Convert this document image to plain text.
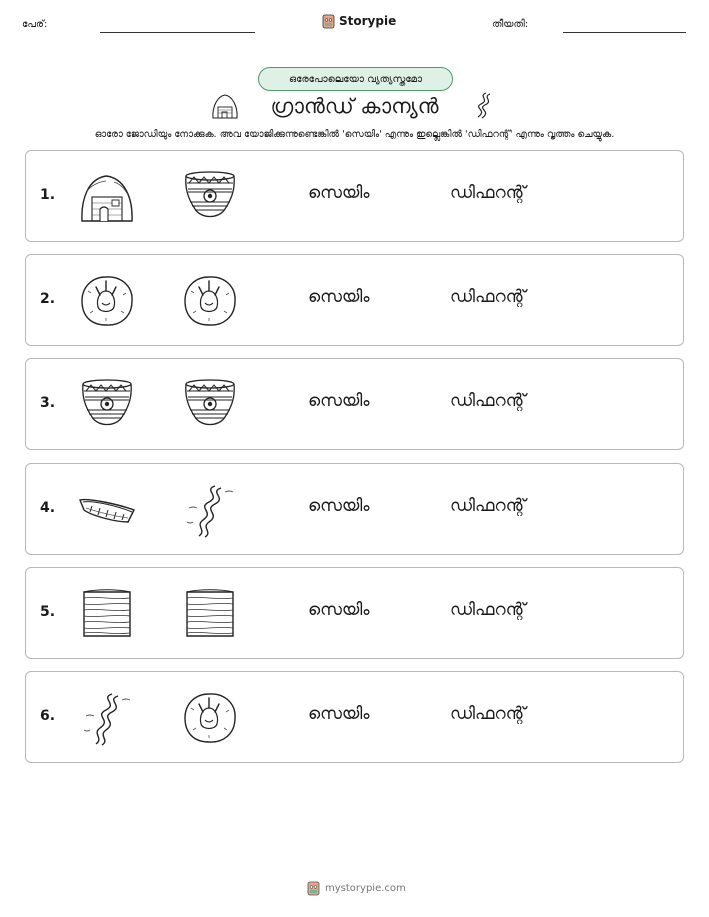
പേര്:	Storypie	തീയതി:
ഒരേപോലെയോ വ്യത്യസ്തമോ
ഗ്രാൻഡ് കാന്യൻ
ഓരോ ജോഡിയും നോക്കുക. അവ യോജിക്കുന്നുണ്ടെങ്കിൽ 'സെയിം' എന്നും ഇല്ലെങ്കിൽ 'ഡിഫറന്റ്' എന്നും വൃത്തം ചെയ്യുക.
1.	സെയിം	ഡിഫറന്റ്
2.	സെയിം	ഡിഫറന്റ്
3.	സെയിം	ഡിഫറന്റ്
4.	സെയിം	ഡിഫറന്റ്
5.	സെയിം	ഡിഫറന്റ്
6.	സെയിം	ഡിഫറന്റ്
mystorypie.com
